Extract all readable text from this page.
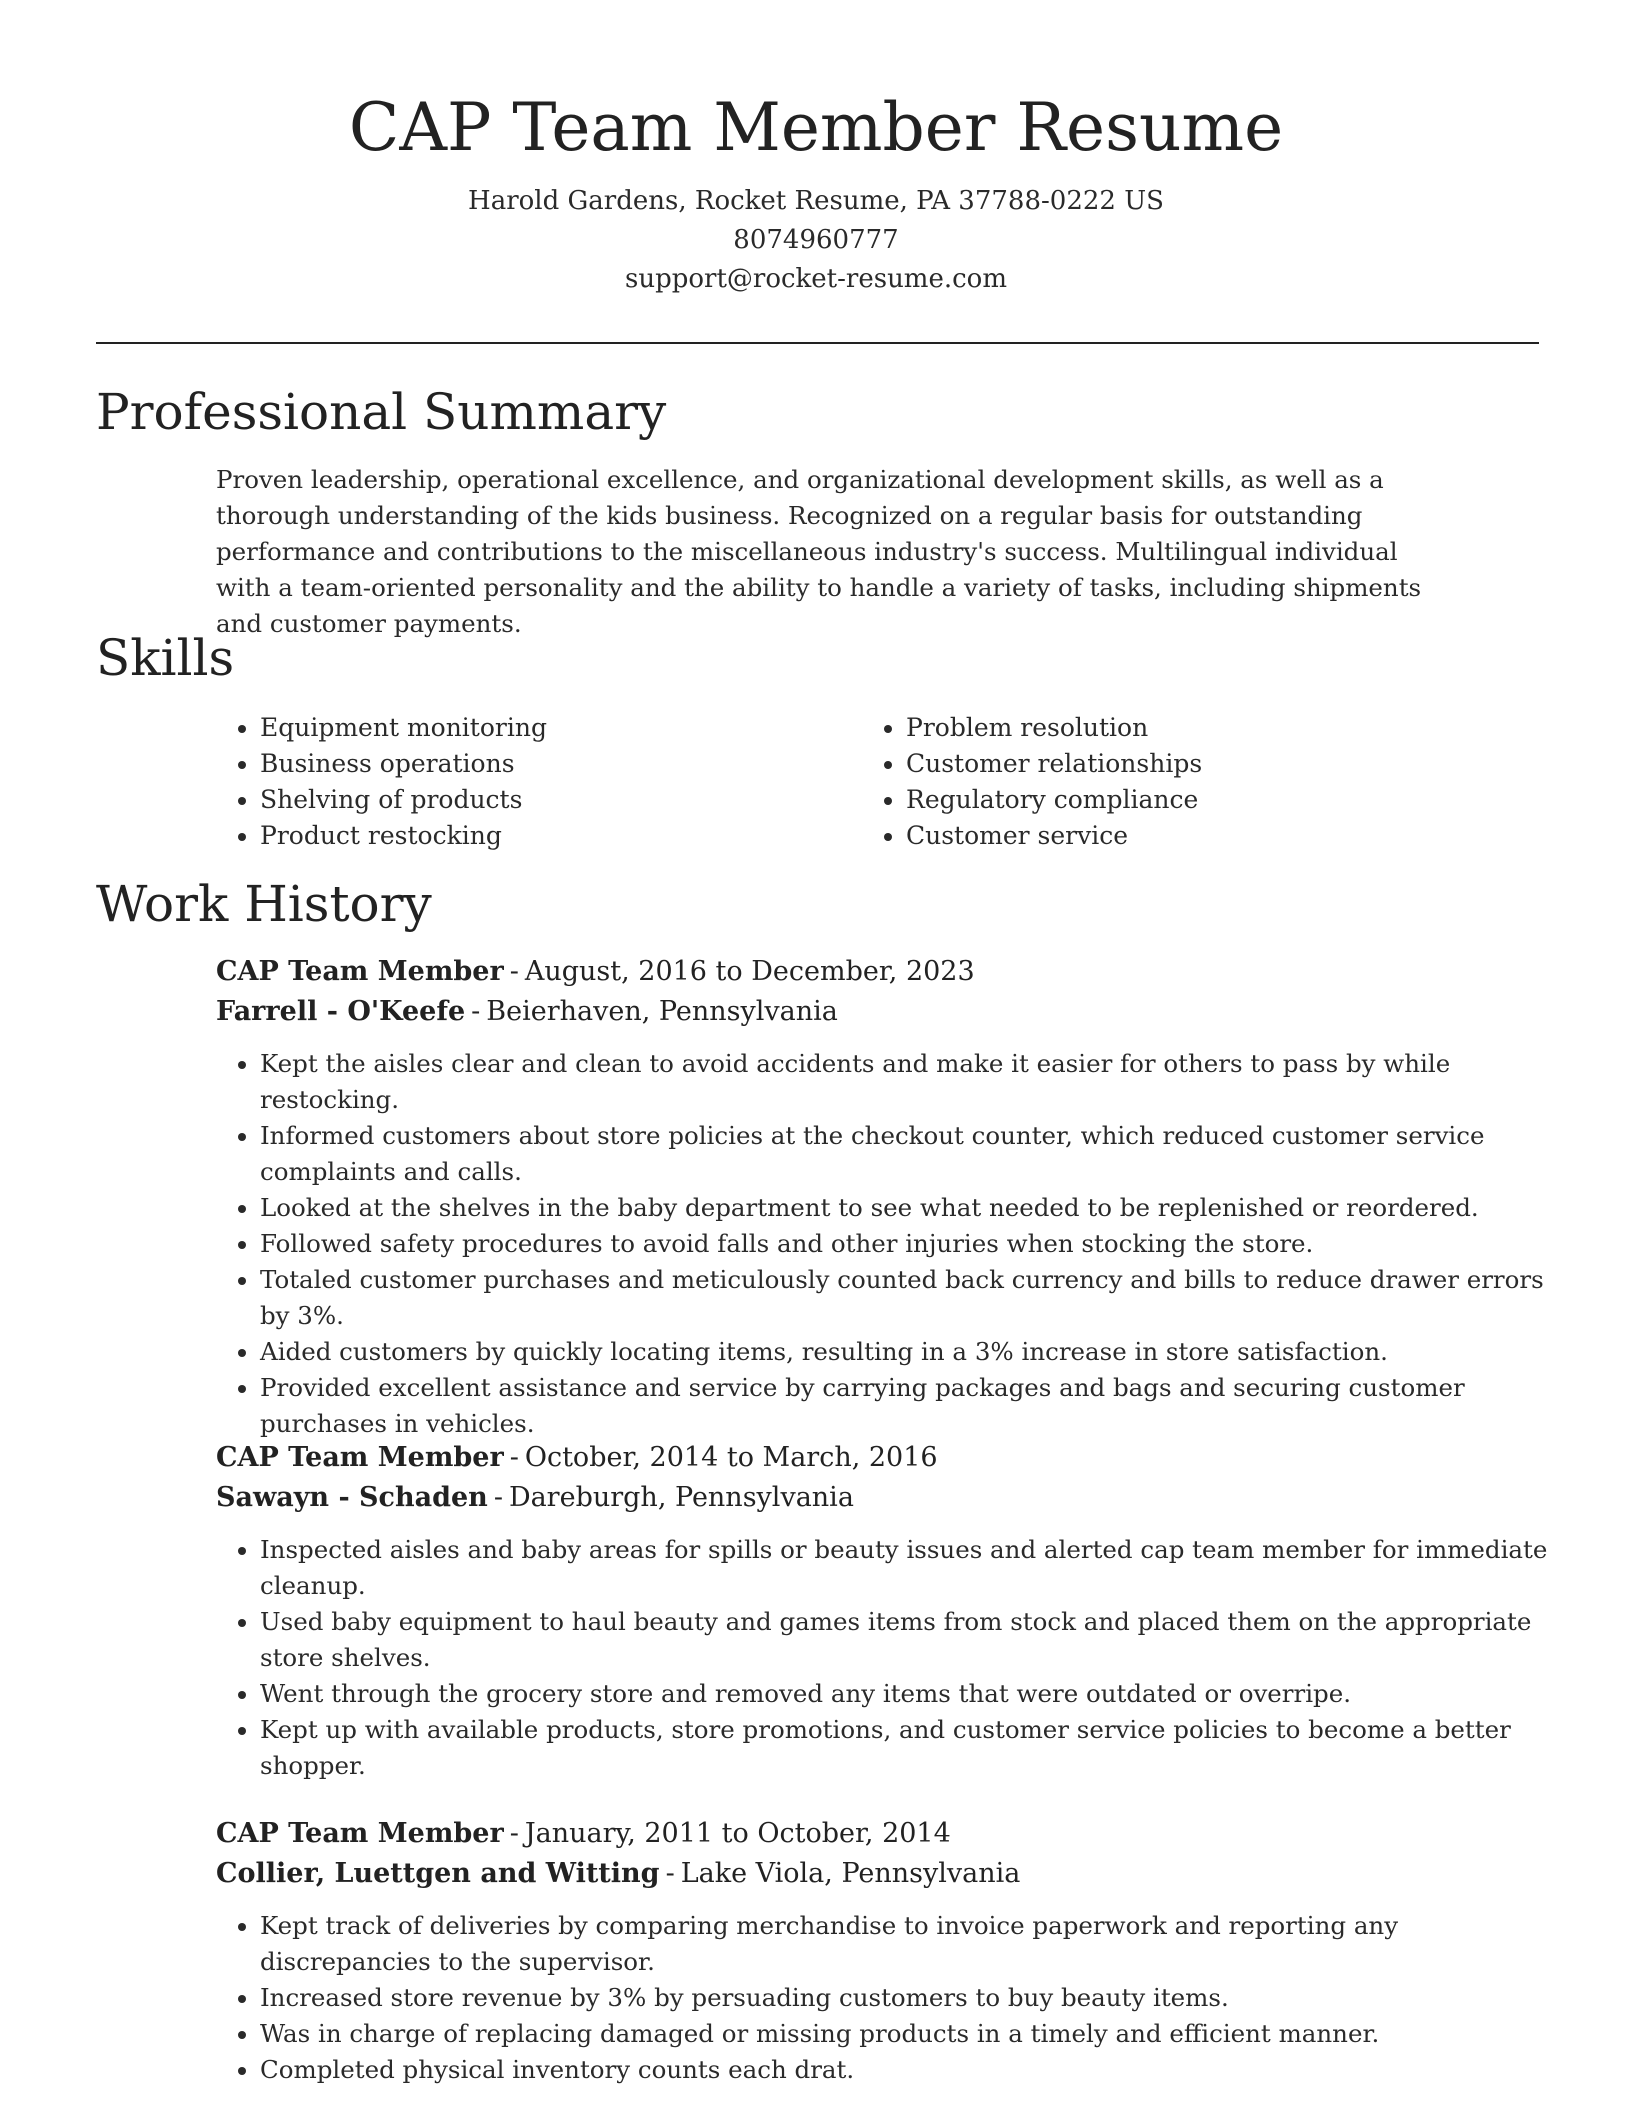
CAP Team Member Resume
Harold Gardens, Rocket Resume, PA 37788-0222 US
8074960777
support@rocket-resume.com
Professional Summary

Proven leadership, operational excellence, and organizational development skills, as well as a thorough understanding of the kids business. Recognized on a regular basis for outstanding performance and contributions to the miscellaneous industry's success. Multilingual individual with a team-oriented personality and the ability to handle a variety of tasks, including shipments and customer payments.

Skills
• Equipment monitoring
• Business operations
• Shelving of products
• Product restocking
• Problem resolution
• Customer relationships
• Regulatory compliance
• Customer service
Work History
CAP Team Member - August, 2016 to December, 2023
Farrell - O'Keefe - Beierhaven, Pennsylvania
• Kept the aisles clear and clean to avoid accidents and make it easier for others to pass by while restocking.
• Informed customers about store policies at the checkout counter, which reduced customer service complaints and calls.
• Looked at the shelves in the baby department to see what needed to be replenished or reordered.
• Followed safety procedures to avoid falls and other injuries when stocking the store.
• Totaled customer purchases and meticulously counted back currency and bills to reduce drawer errors by 3%.
• Aided customers by quickly locating items, resulting in a 3% increase in store satisfaction.
• Provided excellent assistance and service by carrying packages and bags and securing customer purchases in vehicles.
CAP Team Member - October, 2014 to March, 2016
Sawayn - Schaden - Dareburgh, Pennsylvania
• Inspected aisles and baby areas for spills or beauty issues and alerted cap team member for immediate cleanup.
• Used baby equipment to haul beauty and games items from stock and placed them on the appropriate store shelves.
• Went through the grocery store and removed any items that were outdated or overripe.
• Kept up with available products, store promotions, and customer service policies to become a better shopper.
CAP Team Member - January, 2011 to October, 2014
Collier, Luettgen and Witting - Lake Viola, Pennsylvania
• Kept track of deliveries by comparing merchandise to invoice paperwork and reporting any discrepancies to the supervisor.
• Increased store revenue by 3% by persuading customers to buy beauty items.
• Was in charge of replacing damaged or missing products in a timely and efficient manner.
• Completed physical inventory counts each drat.
